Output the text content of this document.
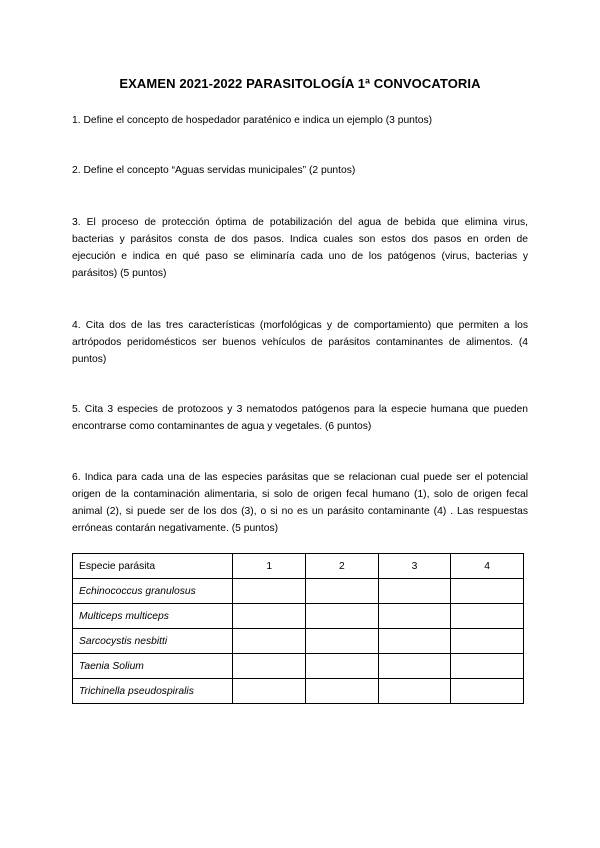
EXAMEN 2021-2022 PARASITOLOGÍA 1ª CONVOCATORIA
1. Define el concepto de hospedador paraténico e indica un ejemplo (3 puntos)
2. Define el concepto “Aguas servidas municipales” (2 puntos)
3. El proceso de protección óptima de potabilización del agua de bebida que elimina virus, bacterias y parásitos consta de dos pasos. Indica cuales son estos dos pasos en orden de ejecución e indica en qué paso se eliminaría cada uno de los patógenos (virus, bacterias y parásitos) (5 puntos)
4. Cita dos de las tres características (morfológicas y de comportamiento) que permiten a los artrópodos peridomésticos ser buenos vehículos de parásitos contaminantes de alimentos. (4 puntos)
5. Cita 3 especies de protozoos y 3 nematodos patógenos para la especie humana que pueden encontrarse como contaminantes de agua y vegetales. (6 puntos)
6. Indica para cada una de las especies parásitas que se relacionan cual puede ser el potencial origen de la contaminación alimentaria, si solo de origen fecal humano (1), solo de origen fecal animal (2), si puede ser de los dos (3), o si no es un parásito contaminante (4) . Las respuestas erróneas contarán negativamente. (5 puntos)
Especie parásita	1	2	3	4
Echinococcus granulosus				
Multiceps multiceps				
Sarcocystis nesbitti				
Taenia Solium				
Trichinella pseudospiralis				
